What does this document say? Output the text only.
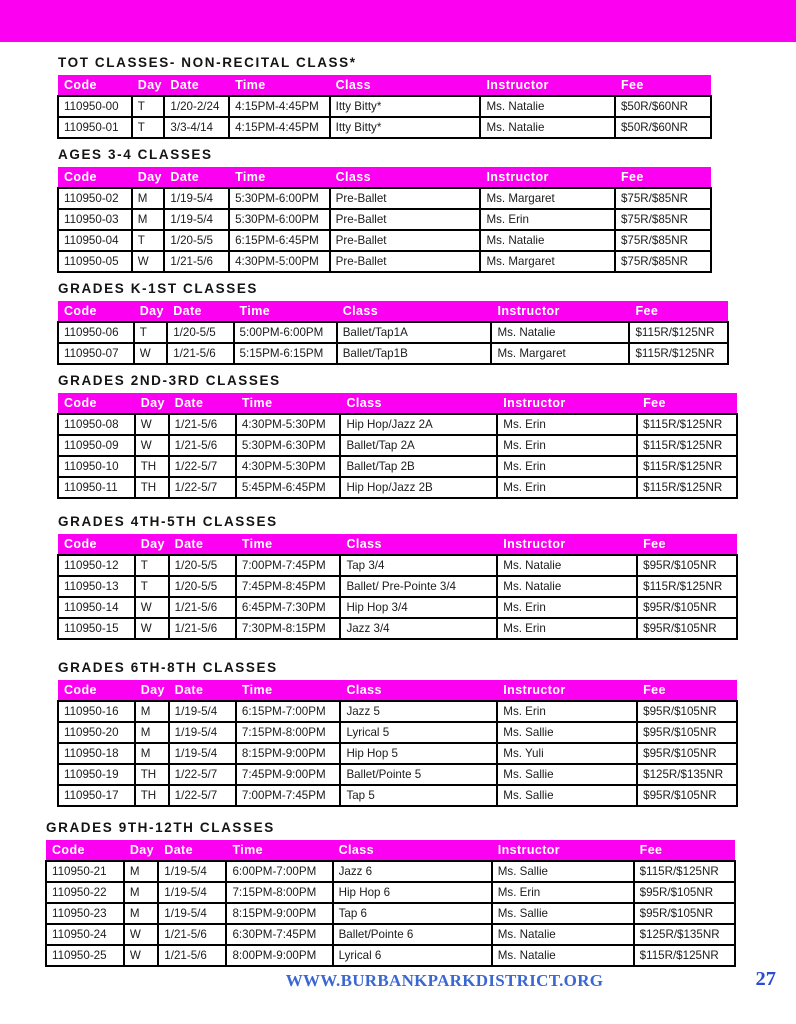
TOT CLASSES- NON-RECITAL CLASS*
Code	Day	Date	Time	Class	Instructor	Fee
110950-00	T	1/20-2/24	4:15PM-4:45PM	Itty Bitty*	Ms. Natalie	$50R/$60NR
110950-01	T	3/3-4/14	4:15PM-4:45PM	Itty Bitty*	Ms. Natalie	$50R/$60NR
AGES 3-4 CLASSES
Code	Day	Date	Time	Class	Instructor	Fee
110950-02	M	1/19-5/4	5:30PM-6:00PM	Pre-Ballet	Ms. Margaret	$75R/$85NR
110950-03	M	1/19-5/4	5:30PM-6:00PM	Pre-Ballet	Ms. Erin	$75R/$85NR
110950-04	T	1/20-5/5	6:15PM-6:45PM	Pre-Ballet	Ms. Natalie	$75R/$85NR
110950-05	W	1/21-5/6	4:30PM-5:00PM	Pre-Ballet	Ms. Margaret	$75R/$85NR
GRADES K-1ST CLASSES
Code	Day	Date	Time	Class	Instructor	Fee
110950-06	T	1/20-5/5	5:00PM-6:00PM	Ballet/Tap1A	Ms. Natalie	$115R/$125NR
110950-07	W	1/21-5/6	5:15PM-6:15PM	Ballet/Tap1B	Ms. Margaret	$115R/$125NR
GRADES 2ND-3RD CLASSES
Code	Day	Date	Time	Class	Instructor	Fee
110950-08	W	1/21-5/6	4:30PM-5:30PM	Hip Hop/Jazz 2A	Ms. Erin	$115R/$125NR
110950-09	W	1/21-5/6	5:30PM-6:30PM	Ballet/Tap 2A	Ms. Erin	$115R/$125NR
110950-10	TH	1/22-5/7	4:30PM-5:30PM	Ballet/Tap 2B	Ms. Erin	$115R/$125NR
110950-11	TH	1/22-5/7	5:45PM-6:45PM	Hip Hop/Jazz 2B	Ms. Erin	$115R/$125NR
GRADES 4TH-5TH CLASSES
Code	Day	Date	Time	Class	Instructor	Fee
110950-12	T	1/20-5/5	7:00PM-7:45PM	Tap 3/4	Ms. Natalie	$95R/$105NR
110950-13	T	1/20-5/5	7:45PM-8:45PM	Ballet/ Pre-Pointe 3/4	Ms. Natalie	$115R/$125NR
110950-14	W	1/21-5/6	6:45PM-7:30PM	Hip Hop 3/4	Ms. Erin	$95R/$105NR
110950-15	W	1/21-5/6	7:30PM-8:15PM	Jazz 3/4	Ms. Erin	$95R/$105NR
GRADES 6TH-8TH CLASSES
Code	Day	Date	Time	Class	Instructor	Fee
110950-16	M	1/19-5/4	6:15PM-7:00PM	Jazz 5	Ms. Erin	$95R/$105NR
110950-20	M	1/19-5/4	7:15PM-8:00PM	Lyrical 5	Ms. Sallie	$95R/$105NR
110950-18	M	1/19-5/4	8:15PM-9:00PM	Hip Hop 5	Ms. Yuli	$95R/$105NR
110950-19	TH	1/22-5/7	7:45PM-9:00PM	Ballet/Pointe 5	Ms. Sallie	$125R/$135NR
110950-17	TH	1/22-5/7	7:00PM-7:45PM	Tap 5	Ms. Sallie	$95R/$105NR
GRADES 9TH-12TH CLASSES
Code	Day	Date	Time	Class	Instructor	Fee
110950-21	M	1/19-5/4	6:00PM-7:00PM	Jazz 6	Ms. Sallie	$115R/$125NR
110950-22	M	1/19-5/4	7:15PM-8:00PM	Hip Hop 6	Ms. Erin	$95R/$105NR
110950-23	M	1/19-5/4	8:15PM-9:00PM	Tap 6	Ms. Sallie	$95R/$105NR
110950-24	W	1/21-5/6	6:30PM-7:45PM	Ballet/Pointe 6	Ms. Natalie	$125R/$135NR
110950-25	W	1/21-5/6	8:00PM-9:00PM	Lyrical 6	Ms. Natalie	$115R/$125NR
WWW.BURBANKPARKDISTRICT.ORG	27
